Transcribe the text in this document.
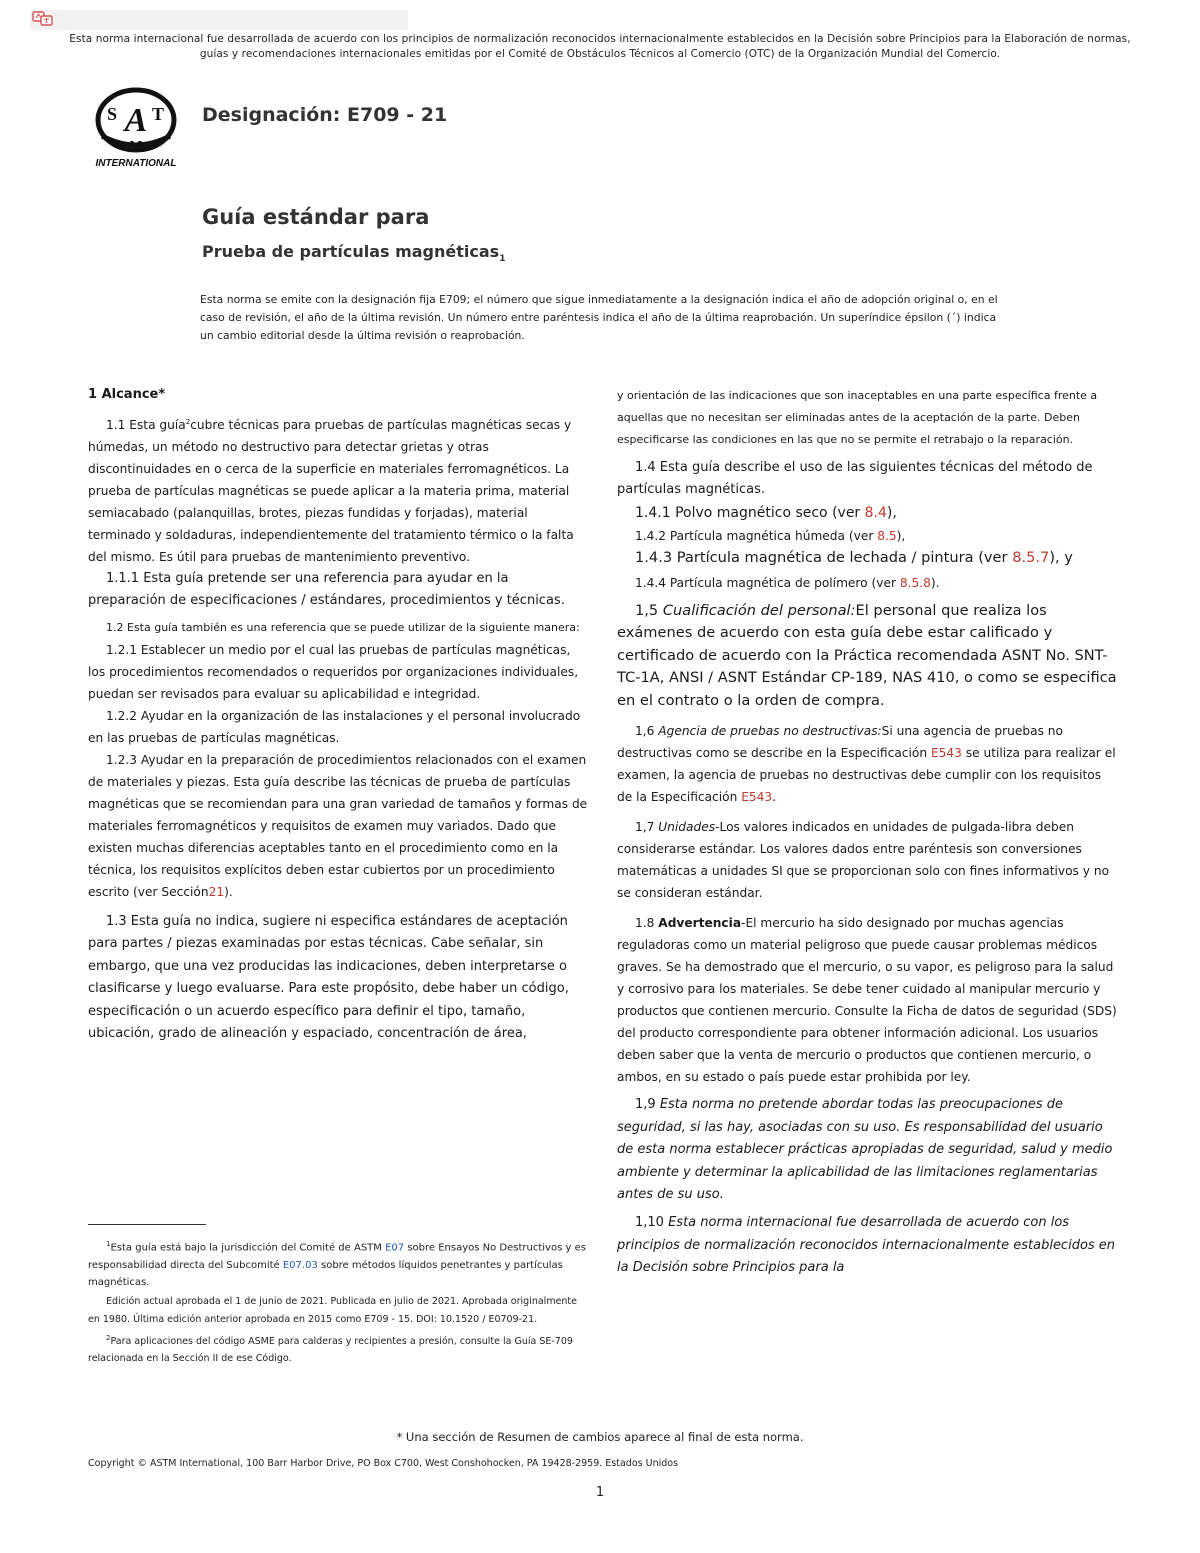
Esta norma internacional fue desarrollada de acuerdo con los principios de normalización reconocidos internacionalmente establecidos en la Decisión sobre Principios para la Elaboración de normas, guías y recomendaciones internacionales emitidas por el Comité de Obstáculos Técnicos al Comercio (OTC) de la Organización Mundial del Comercio.
A
S T
M
INTERNATIONAL
Designación: E709 - 21
Guía estándar para
Prueba de partículas magnéticas$_1$
Esta norma se emite con la designación fija E709; el número que sigue inmediatamente a la designación indica el año de adopción original o, en el caso de revisión, el año de la última revisión. Un número entre paréntesis indica el año de la última reaprobación. Un superíndice épsilon (´) indica un cambio editorial desde la última revisión o reaprobación.

1 Alcance*

1.1 Esta guía$^2$cubre técnicas para pruebas de partículas magnéticas secas y húmedas, un método no destructivo para detectar grietas y otras discontinuidades en o cerca de la superficie en materiales ferromagnéticos. La prueba de partículas magnéticas se puede aplicar a la materia prima, material semiacabado (palanquillas, brotes, piezas fundidas y forjadas), material terminado y soldaduras, independientemente del tratamiento térmico o la falta del mismo. Es útil para pruebas de mantenimiento preventivo.

1.1.1 Esta guía pretende ser una referencia para ayudar en la preparación de especificaciones / estándares, procedimientos y técnicas.

1.2 Esta guía también es una referencia que se puede utilizar de la siguiente manera:

1.2.1 Establecer un medio por el cual las pruebas de partículas magnéticas, los procedimientos recomendados o requeridos por organizaciones individuales, puedan ser revisados para evaluar su aplicabilidad e integridad.

1.2.2 Ayudar en la organización de las instalaciones y el personal involucrado en las pruebas de partículas magnéticas.

1.2.3 Ayudar en la preparación de procedimientos relacionados con el examen de materiales y piezas. Esta guía describe las técnicas de prueba de partículas magnéticas que se recomiendan para una gran variedad de tamaños y formas de materiales ferromagnéticos y requisitos de examen muy variados. Dado que existen muchas diferencias aceptables tanto en el procedimiento como en la técnica, los requisitos explícitos deben estar cubiertos por un procedimiento escrito (ver Sección21).

1.3 Esta guía no indica, sugiere ni especifica estándares de aceptación para partes / piezas examinadas por estas técnicas. Cabe señalar, sin embargo, que una vez producidas las indicaciones, deben interpretarse o clasificarse y luego evaluarse. Para este propósito, debe haber un código, especificación o un acuerdo específico para definir el tipo, tamaño, ubicación, grado de alineación y espaciado, concentración de área,

y orientación de las indicaciones que son inaceptables en una parte específica frente a aquellas que no necesitan ser eliminadas antes de la aceptación de la parte. Deben especificarse las condiciones en las que no se permite el retrabajo o la reparación.

1.4 Esta guía describe el uso de las siguientes técnicas del método de partículas magnéticas.

1.4.1 Polvo magnético seco (ver 8.4),

1.4.2 Partícula magnética húmeda (ver 8.5),

1.4.3 Partícula magnética de lechada / pintura (ver 8.5.7), y

1.4.4 Partícula magnética de polímero (ver 8.5.8).

1,5 Cualificación del personal:El personal que realiza los exámenes de acuerdo con esta guía debe estar calificado y certificado de acuerdo con la Práctica recomendada ASNT No. SNT-TC-1A, ANSI / ASNT Estándar CP-189, NAS 410, o como se especifica en el contrato o la orden de compra.

1,6 Agencia de pruebas no destructivas:Si una agencia de pruebas no destructivas como se describe en la Especificación E543 se utiliza para realizar el examen, la agencia de pruebas no destructivas debe cumplir con los requisitos de la Especificación E543.

1,7 Unidades-Los valores indicados en unidades de pulgada-libra deben considerarse estándar. Los valores dados entre paréntesis son conversiones matemáticas a unidades SI que se proporcionan solo con fines informativos y no se consideran estándar.

1.8 Advertencia-El mercurio ha sido designado por muchas agencias reguladoras como un material peligroso que puede causar problemas médicos graves. Se ha demostrado que el mercurio, o su vapor, es peligroso para la salud y corrosivo para los materiales. Se debe tener cuidado al manipular mercurio y productos que contienen mercurio. Consulte la Ficha de datos de seguridad (SDS) del producto correspondiente para obtener información adicional. Los usuarios deben saber que la venta de mercurio o productos que contienen mercurio, o ambos, en su estado o país puede estar prohibida por ley.

1,9 Esta norma no pretende abordar todas las preocupaciones de seguridad, si las hay, asociadas con su uso. Es responsabilidad del usuario de esta norma establecer prácticas apropiadas de seguridad, salud y medio ambiente y determinar la aplicabilidad de las limitaciones reglamentarias antes de su uso.

1,10 Esta norma internacional fue desarrollada de acuerdo con los principios de normalización reconocidos internacionalmente establecidos en la Decisión sobre Principios para la

$^1$Esta guía está bajo la jurisdicción del Comité de ASTM E07 sobre Ensayos No Destructivos y es responsabilidad directa del Subcomité E07.03 sobre métodos líquidos penetrantes y partículas magnéticas.

Edición actual aprobada el 1 de junio de 2021. Publicada en julio de 2021. Aprobada originalmente en 1980. Última edición anterior aprobada en 2015 como E709 - 15. DOI: 10.1520 / E0709-21.

$^2$Para aplicaciones del código ASME para calderas y recipientes a presión, consulte la Guía SE-709 relacionada en la Sección II de ese Código.

* Una sección de Resumen de cambios aparece al final de esta norma.
Copyright © ASTM International, 100 Barr Harbor Drive, PO Box C700, West Conshohocken, PA 19428-2959. Estados Unidos
1
